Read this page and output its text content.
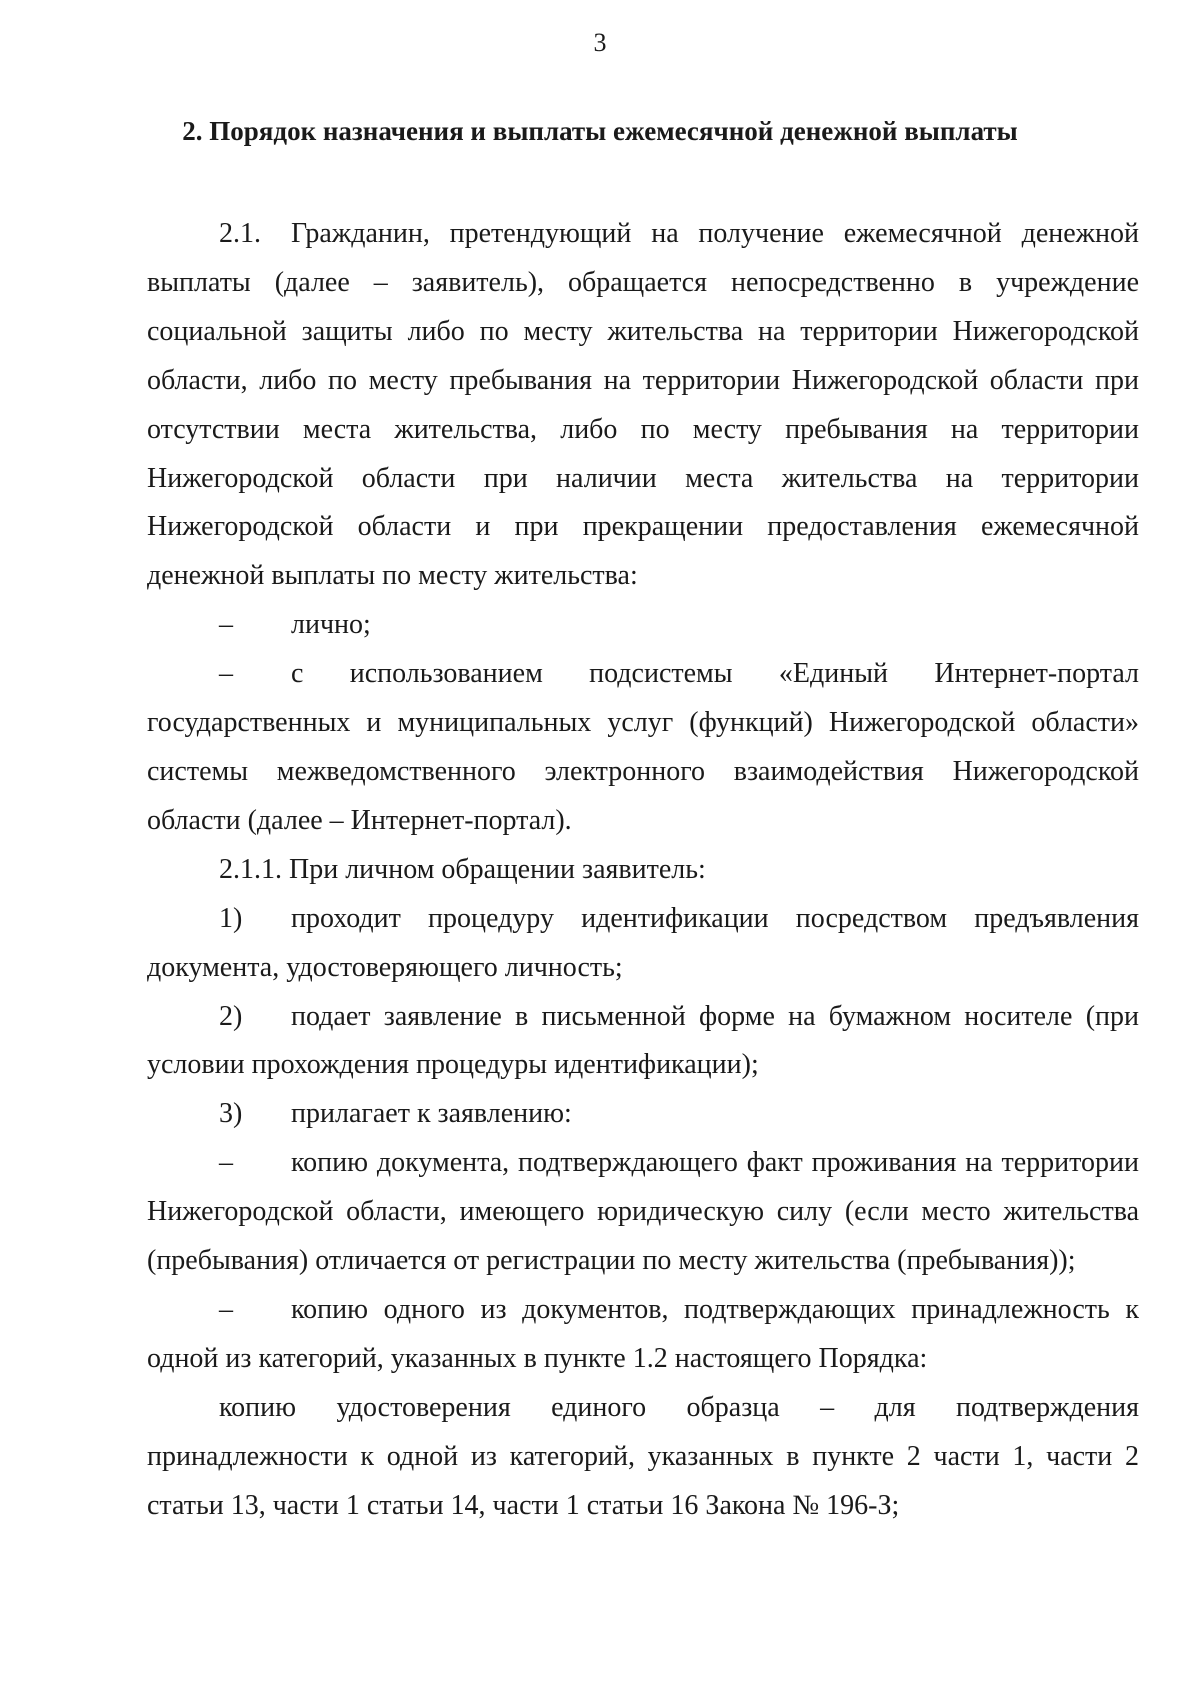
3
2. Порядок назначения и выплаты ежемесячной денежной выплаты

2.1. Гражданин, претендующий на получение ежемесячной денежной выплаты (далее – заявитель), обращается непосредственно в учреждение социальной защиты либо по месту жительства на территории Нижегородской области, либо по месту пребывания на территории Нижегородской области при отсутствии места жительства, либо по месту пребывания на территории Нижегородской области при наличии места жительства на территории Нижегородской области и при прекращении предоставления ежемесячной денежной выплаты по месту жительства:

– лично;

– с использованием подсистемы «Единый Интернет-портал государственных и муниципальных услуг (функций) Нижегородской области» системы межведомственного электронного взаимодействия Нижегородской области (далее – Интернет-портал).

2.1.1. При личном обращении заявитель:

1) проходит процедуру идентификации посредством предъявления документа, удостоверяющего личность;

2) подает заявление в письменной форме на бумажном носителе (при условии прохождения процедуры идентификации);

3) прилагает к заявлению:

– копию документа, подтверждающего факт проживания на территории Нижегородской области, имеющего юридическую силу (если место жительства (пребывания) отличается от регистрации по месту жительства (пребывания));

– копию одного из документов, подтверждающих принадлежность к одной из категорий, указанных в пункте 1.2 настоящего Порядка:

копию удостоверения единого образца – для подтверждения принадлежности к одной из категорий, указанных в пункте 2 части 1, части 2 статьи 13, части 1 статьи 14, части 1 статьи 16 Закона № 196-З;
